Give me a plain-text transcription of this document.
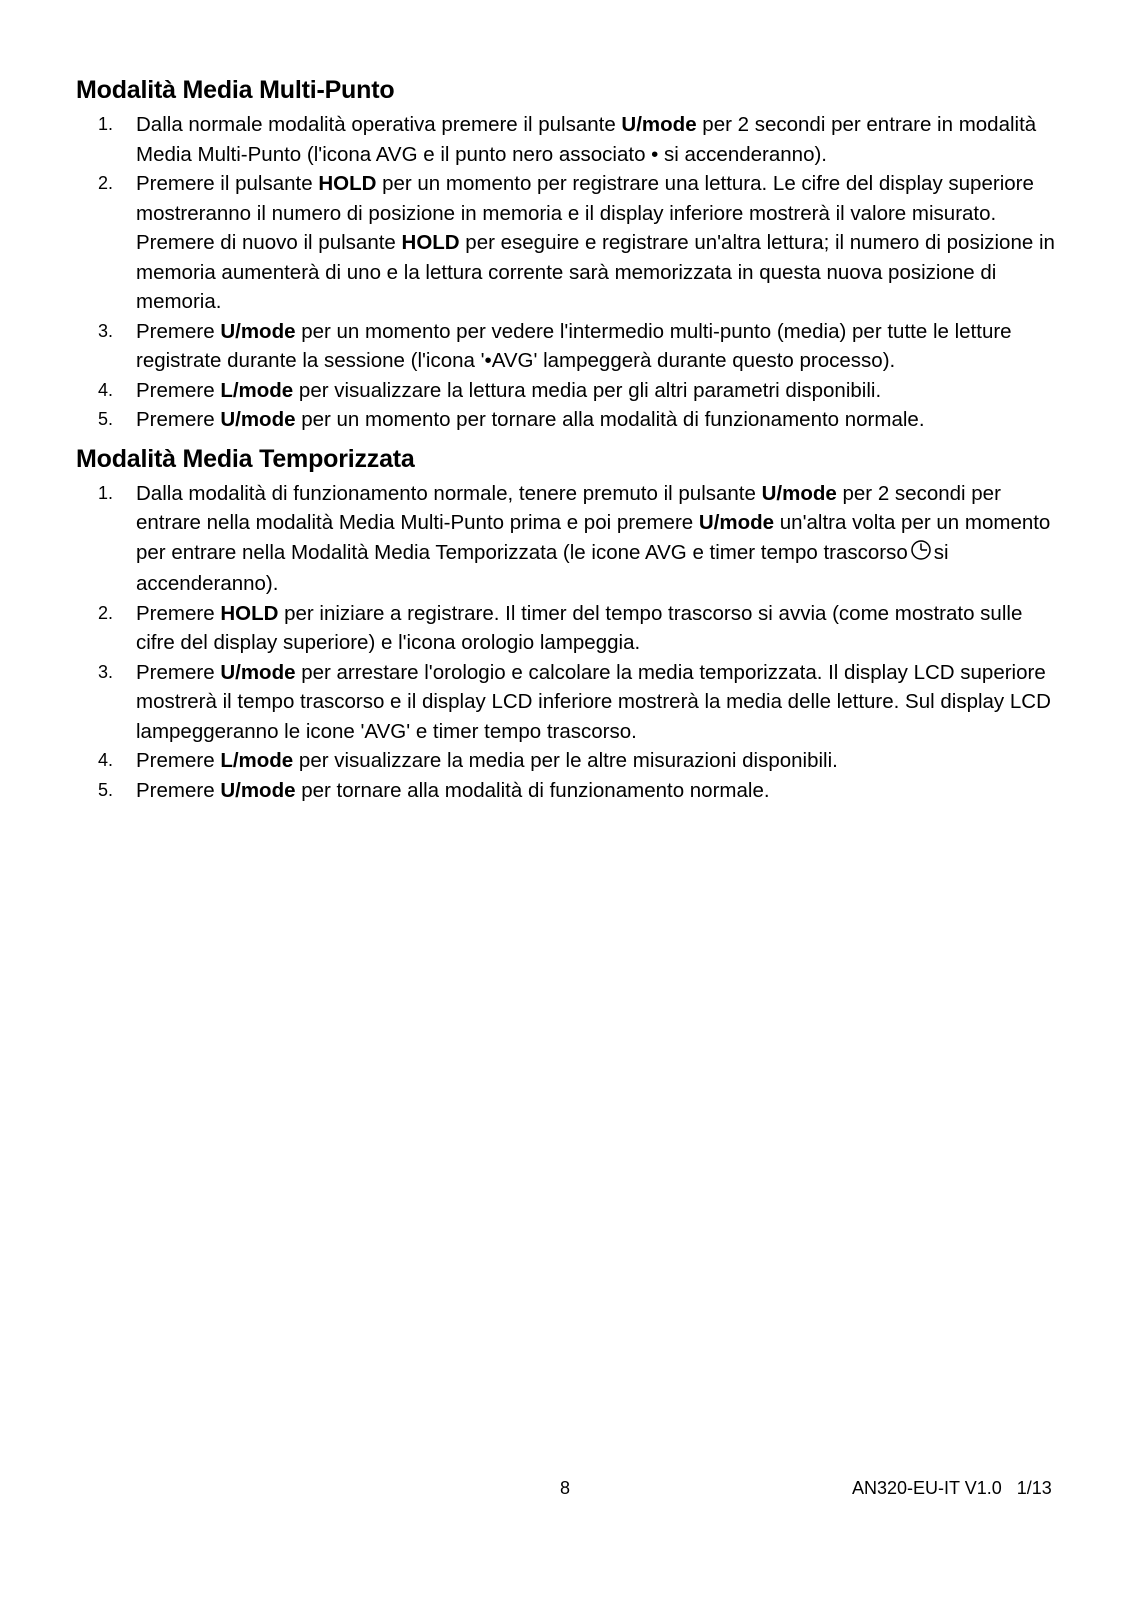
Modalità Media Multi-Punto
1.	Dalla normale modalità operativa premere il pulsante U/mode per 2 secondi per entrare in modalità Media Multi-Punto (l'icona AVG e il punto nero associato • si accenderanno).
2.	Premere il pulsante HOLD per un momento per registrare una lettura. Le cifre del display superiore mostreranno il numero di posizione in memoria e il display inferiore mostrerà il valore misurato. Premere di nuovo il pulsante HOLD per eseguire e registrare un'altra lettura; il numero di posizione in memoria aumenterà di uno e la lettura corrente sarà memorizzata in questa nuova posizione di memoria.
3.	Premere U/mode per un momento per vedere l'intermedio multi-punto (media) per tutte le letture registrate durante la sessione (l'icona '•AVG' lampeggerà durante questo processo).
4.	Premere L/mode per visualizzare la lettura media per gli altri parametri disponibili.
5.	Premere U/mode per un momento per tornare alla modalità di funzionamento normale.
Modalità Media Temporizzata
1.	Dalla modalità di funzionamento normale, tenere premuto il pulsante U/mode per 2 secondi per entrare nella modalità Media Multi-Punto prima e poi premere U/mode un'altra volta per un momento per entrare nella Modalità Media Temporizzata (le icone AVG e timer tempo trascorso si accenderanno).
2.	Premere HOLD per iniziare a registrare. Il timer del tempo trascorso si avvia (come mostrato sulle cifre del display superiore) e l'icona orologio lampeggia.
3.	Premere U/mode per arrestare l'orologio e calcolare la media temporizzata. Il display LCD superiore mostrerà il tempo trascorso e il display LCD inferiore mostrerà la media delle letture. Sul display LCD lampeggeranno le icone 'AVG' e timer tempo trascorso.
4.	Premere L/mode per visualizzare la media per le altre misurazioni disponibili.
5.	Premere U/mode per tornare alla modalità di funzionamento normale.
8	AN320-EU-IT V1.0   1/13
